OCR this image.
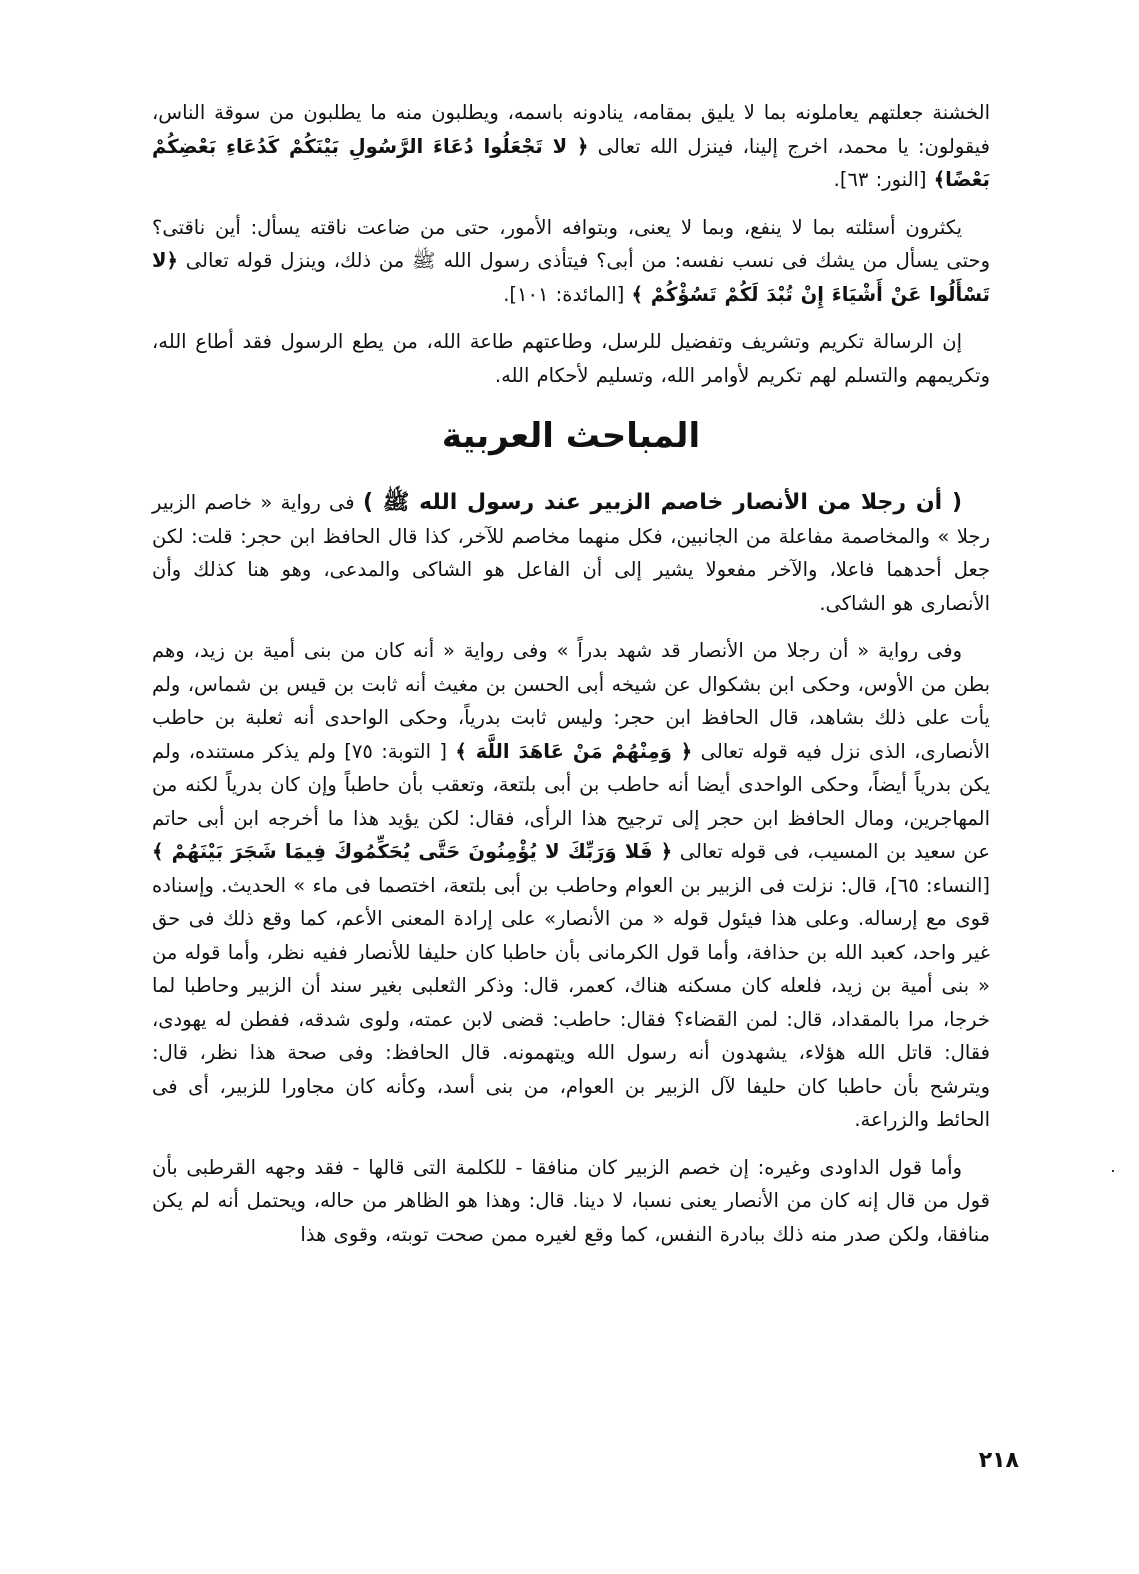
الخشنة جعلتهم يعاملونه بما لا يليق بمقامه، ينادونه باسمه، ويطلبون منه ما يطلبون من سوقة الناس، فيقولون: يا محمد، اخرج إلينا، فينزل الله تعالى ﴿ لا تَجْعَلُوا دُعَاءَ الرَّسُولِ بَيْنَكُمْ كَدُعَاءِ بَعْضِكُمْ بَعْضًا﴾ [النور: ٦٣].

يكثرون أسئلته بما لا ينفع، وبما لا يعنى، وبتوافه الأمور، حتى من ضاعت ناقته يسأل: أين ناقتى؟ وحتى يسأل من يشك فى نسب نفسه: من أبى؟ فيتأذى رسول الله ﷺ من ذلك، وينزل قوله تعالى ﴿لا تَسْأَلُوا عَنْ أَشْيَاءَ إِنْ تُبْدَ لَكُمْ تَسُؤْكُمْ ﴾ [المائدة: ١٠١].

إن الرسالة تكريم وتشريف وتفضيل للرسل، وطاعتهم طاعة الله، من يطع الرسول فقد أطاع الله، وتكريمهم والتسلم لهم تكريم لأوامر الله، وتسليم لأحكام الله.

المباحث العربية

( أن رجلا من الأنصار خاصم الزبير عند رسول الله ﷺ ) فى رواية « خاصم الزبير رجلا » والمخاصمة مفاعلة من الجانبين، فكل منهما مخاصم للآخر، كذا قال الحافظ ابن حجر: قلت: لكن جعل أحدهما فاعلا، والآخر مفعولا يشير إلى أن الفاعل هو الشاكى والمدعى، وهو هنا كذلك وأن الأنصارى هو الشاكى.

وفى رواية « أن رجلا من الأنصار قد شهد بدراً » وفى رواية « أنه كان من بنى أمية بن زيد، وهم بطن من الأوس، وحكى ابن بشكوال عن شيخه أبى الحسن بن مغيث أنه ثابت بن قيس بن شماس، ولم يأت على ذلك بشاهد، قال الحافظ ابن حجر: وليس ثابت بدرياً، وحكى الواحدى أنه ثعلبة بن حاطب الأنصارى، الذى نزل فيه قوله تعالى ﴿ وَمِنْهُمْ مَنْ عَاهَدَ اللَّهَ ﴾ [ التوبة: ٧٥] ولم يذكر مستنده، ولم يكن بدرياً أيضاً، وحكى الواحدى أيضا أنه حاطب بن أبى بلتعة، وتعقب بأن حاطباً وإن كان بدرياً لكنه من المهاجرين، ومال الحافظ ابن حجر إلى ترجيح هذا الرأى، فقال: لكن يؤيد هذا ما أخرجه ابن أبى حاتم عن سعيد بن المسيب، فى قوله تعالى ﴿ فَلا وَرَبِّكَ لا يُؤْمِنُونَ حَتَّى يُحَكِّمُوكَ فِيمَا شَجَرَ بَيْنَهُمْ ﴾ [النساء: ٦٥]، قال: نزلت فى الزبير بن العوام وحاطب بن أبى بلتعة، اختصما فى ماء » الحديث. وإسناده قوى مع إرساله. وعلى هذا فيئول قوله « من الأنصار» على إرادة المعنى الأعم، كما وقع ذلك فى حق غير واحد، كعبد الله بن حذافة، وأما قول الكرمانى بأن حاطبا كان حليفا للأنصار ففيه نظر، وأما قوله من « بنى أمية بن زيد، فلعله كان مسكنه هناك، كعمر، قال: وذكر الثعلبى بغير سند أن الزبير وحاطبا لما خرجا، مرا بالمقداد، قال: لمن القضاء؟ فقال: حاطب: قضى لابن عمته، ولوى شدقه، ففطن له يهودى، فقال: قاتل الله هؤلاء، يشهدون أنه رسول الله ويتهمونه. قال الحافظ: وفى صحة هذا نظر، قال: ويترشح بأن حاطبا كان حليفا لآل الزبير بن العوام، من بنى أسد، وكأنه كان مجاورا للزبير، أى فى الحائط والزراعة.

وأما قول الداودى وغيره: إن خصم الزبير كان منافقا - للكلمة التى قالها - فقد وجهه القرطبى بأن قول من قال إنه كان من الأنصار يعنى نسبا، لا دينا. قال: وهذا هو الظاهر من حاله، ويحتمل أنه لم يكن منافقا، ولكن صدر منه ذلك ببادرة النفس، كما وقع لغيره ممن صحت توبته، وقوى هذا

٢١٨
